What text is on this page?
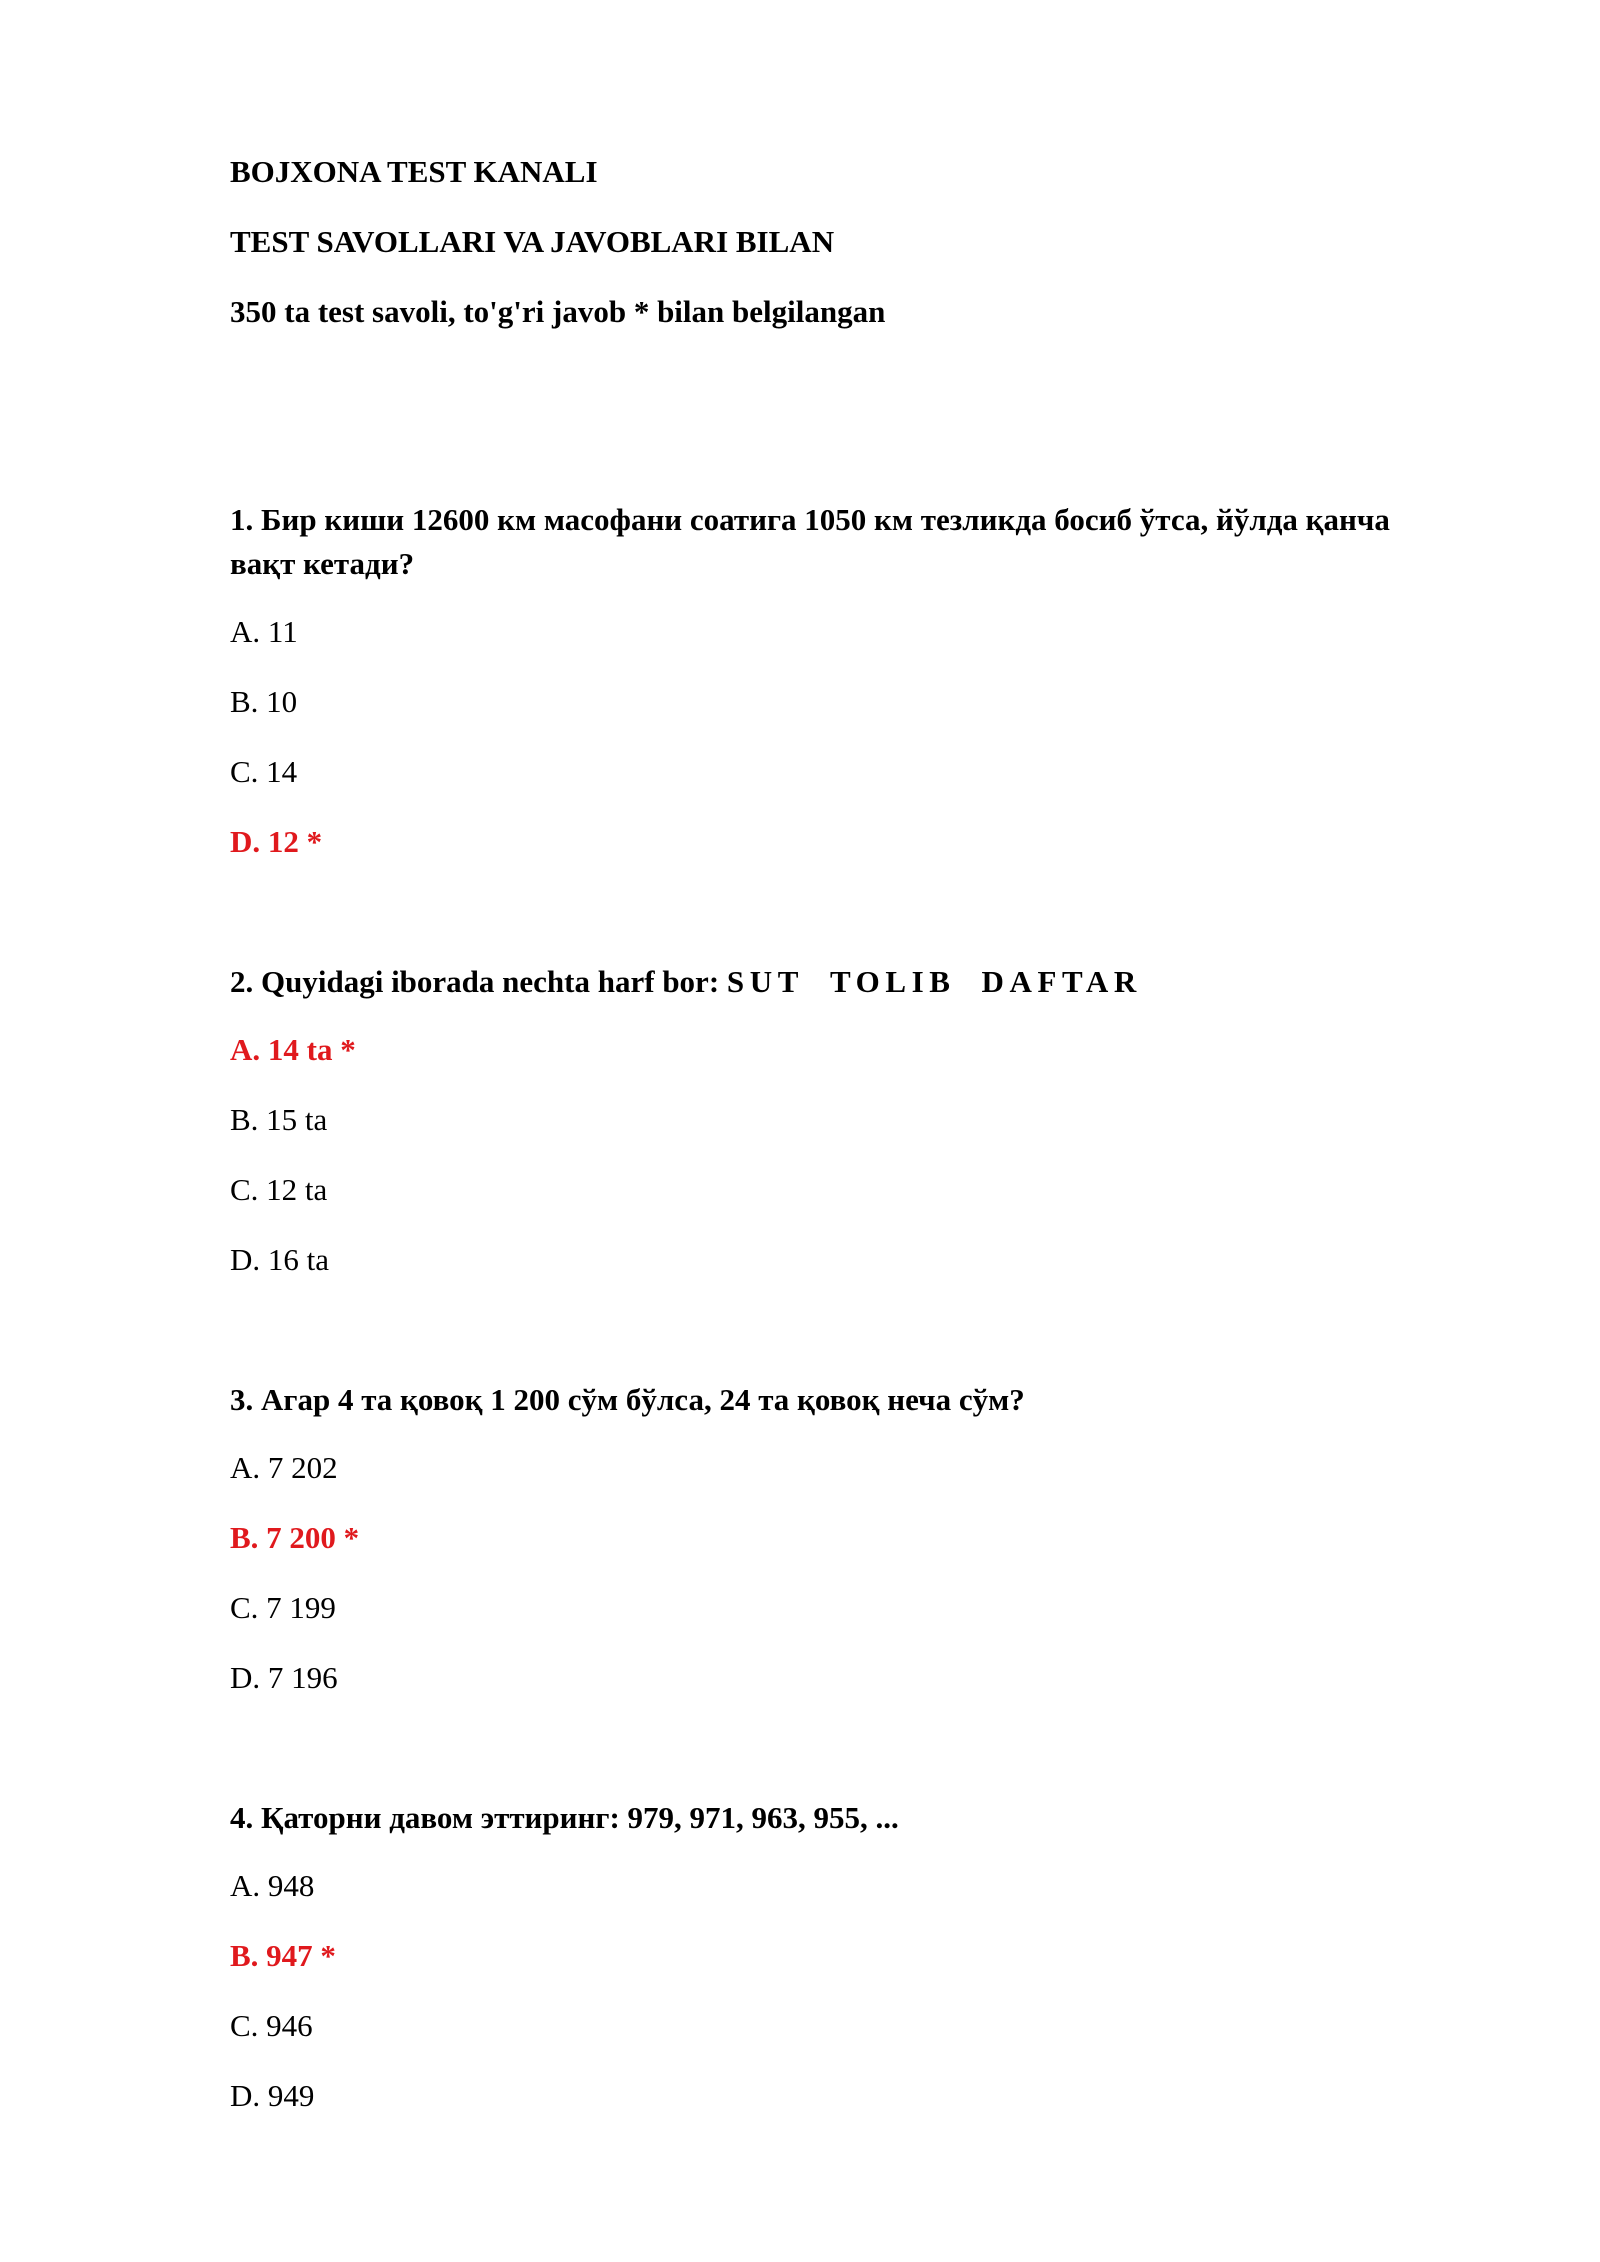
BOJXONA TEST KANALI
TEST SAVOLLARI VA JAVOBLARI BILAN
350 ta test savoli, to'g'ri javob * bilan belgilangan
1. Бир киши 12600 км масофани соатига 1050 км тезликда босиб ўтса, йўлда қанча вақт кетади?
A. 11
B. 10
C. 14
D. 12 *
2. Quyidagi iborada nechta harf bor: SUT TOLIB DAFTAR
A. 14 ta *
B. 15 ta
C. 12 ta
D. 16 ta
3. Агар 4 та қовоқ 1 200 сўм бўлса, 24 та қовоқ неча сўм?
A. 7 202
B. 7 200 *
C. 7 199
D. 7 196
4. Қаторни давом эттиринг: 979, 971, 963, 955, ...
A. 948
B. 947 *
C. 946
D. 949
